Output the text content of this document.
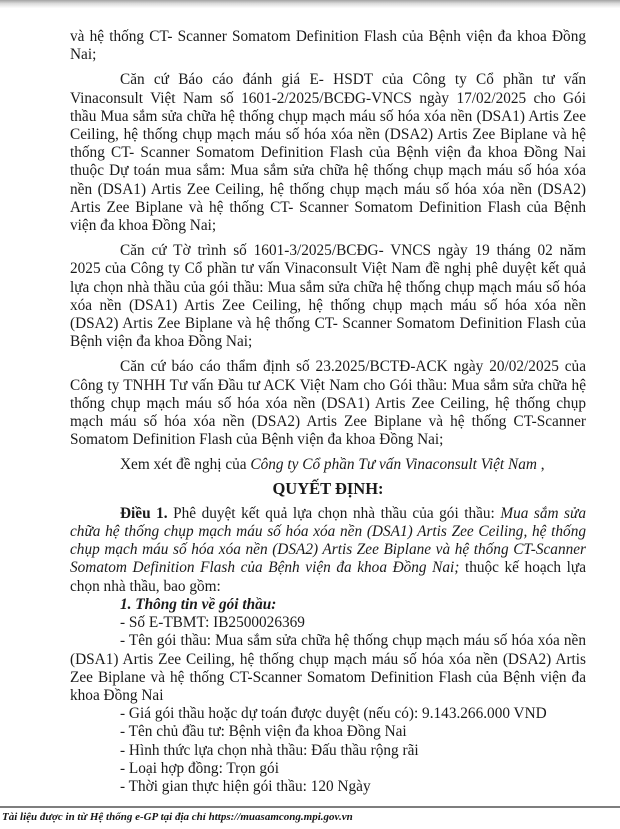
và hệ thống CT- Scanner Somatom Definition Flash của Bệnh viện đa khoa Đồng Nai;

Căn cứ Báo cáo đánh giá E- HSDT của Công ty Cổ phần tư vấn Vinaconsult Việt Nam số 1601-2/2025/BCĐG-VNCS ngày 17/02/2025 cho Gói thầu Mua sắm sửa chữa hệ thống chụp mạch máu số hóa xóa nền (DSA1) Artis Zee Ceiling, hệ thống chụp mạch máu số hóa xóa nền (DSA2) Artis Zee Biplane và hệ thống CT- Scanner Somatom Definition Flash của Bệnh viện đa khoa Đồng Nai thuộc Dự toán mua sắm: Mua sắm sửa chữa hệ thống chụp mạch máu số hóa xóa nền (DSA1) Artis Zee Ceiling, hệ thống chụp mạch máu số hóa xóa nền (DSA2) Artis Zee Biplane và hệ thống CT- Scanner Somatom Definition Flash của Bệnh viện đa khoa Đồng Nai;

Căn cứ Tờ trình số 1601-3/2025/BCĐG- VNCS ngày 19 tháng 02 năm 2025 của Công ty Cổ phần tư vấn Vinaconsult Việt Nam đề nghị phê duyệt kết quả lựa chọn nhà thầu của gói thầu: Mua sắm sửa chữa hệ thống chụp mạch máu số hóa xóa nền (DSA1) Artis Zee Ceiling, hệ thống chụp mạch máu số hóa xóa nền (DSA2) Artis Zee Biplane và hệ thống CT- Scanner Somatom Definition Flash của Bệnh viện đa khoa Đồng Nai;

Căn cứ báo cáo thẩm định số 23.2025/BCTĐ-ACK ngày 20/02/2025 của Công ty TNHH Tư vấn Đầu tư ACK Việt Nam cho Gói thầu: Mua sắm sửa chữa hệ thống chụp mạch máu số hóa xóa nền (DSA1) Artis Zee Ceiling, hệ thống chụp mạch máu số hóa xóa nền (DSA2) Artis Zee Biplane và hệ thống CT-Scanner Somatom Definition Flash của Bệnh viện đa khoa Đồng Nai;

Xem xét đề nghị của Công ty Cổ phần Tư vấn Vinaconsult Việt Nam ,

QUYẾT ĐỊNH:

Điều 1. Phê duyệt kết quả lựa chọn nhà thầu của gói thầu: Mua sắm sửa chữa hệ thống chụp mạch máu số hóa xóa nền (DSA1) Artis Zee Ceiling, hệ thống chụp mạch máu số hóa xóa nền (DSA2) Artis Zee Biplane và hệ thống CT-Scanner Somatom Definition Flash của Bệnh viện đa khoa Đồng Nai; thuộc kế hoạch lựa chọn nhà thầu, bao gồm:

1. Thông tin về gói thầu:

- Số E-TBMT: IB2500026369

- Tên gói thầu: Mua sắm sửa chữa hệ thống chụp mạch máu số hóa xóa nền (DSA1) Artis Zee Ceiling, hệ thống chụp mạch máu số hóa xóa nền (DSA2) Artis Zee Biplane và hệ thống CT-Scanner Somatom Definition Flash của Bệnh viện đa khoa Đồng Nai

- Giá gói thầu hoặc dự toán được duyệt (nếu có): 9.143.266.000 VND

- Tên chủ đầu tư: Bệnh viện đa khoa Đồng Nai

- Hình thức lựa chọn nhà thầu: Đấu thầu rộng rãi

- Loại hợp đồng: Trọn gói

- Thời gian thực hiện gói thầu: 120 Ngày

Tài liệu được in từ Hệ thống e-GP tại địa chỉ https://muasamcong.mpi.gov.vn
